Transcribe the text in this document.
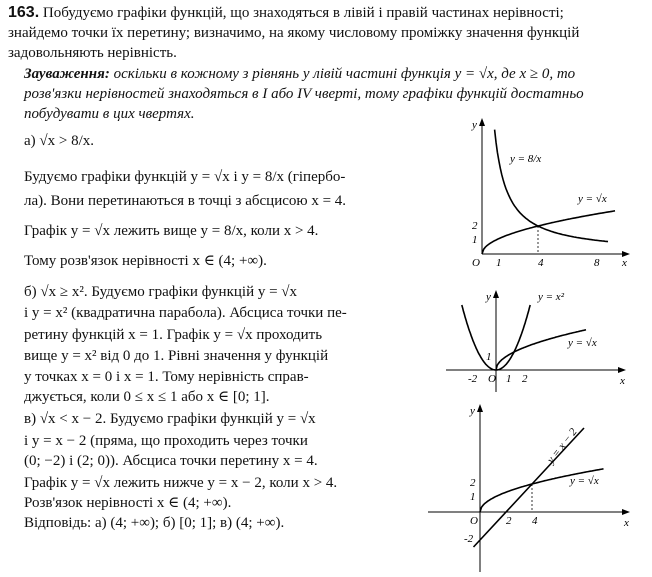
163. Побудуємо графіки функцій, що знаходяться в лівій і правій частинах нерівності; знайдемо точки їх перетину; визначимо, на якому числовому проміжку значення функцій задовольняють нерівність.
Зауваження: оскільки в кожному з рівнянь у лівій частині функція y = √x, де x ≥ 0, то розв'язки нерівностей знаходяться в I або IV чверті, тому графіки функцій достатньо побудувати в цих чвертях.
а) √x > 8/x.
Будуємо графіки функцій y = √x і y = 8/x (гіпербо-
ла). Вони перетинаються в точці з абсцисою x = 4.
Графік y = √x лежить вище y = 8/x, коли x > 4.
Тому розв'язок нерівності x ∈ (4; +∞).
б) √x ≥ x². Будуємо графіки функцій y = √x
і y = x² (квадратична парабола). Абсциса точки пе-
ретину функцій x = 1. Графік y = √x проходить
вище y = x² від 0 до 1. Рівні значення y функцій
у точках x = 0 і x = 1. Тому нерівність справ-
джується, коли 0 ≤ x ≤ 1 або x ∈ [0; 1].
в) √x < x − 2. Будуємо графіки функцій y = √x
і y = x − 2 (пряма, що проходить через точки
(0; −2) і (2; 0)). Абсциса точки перетину x = 4.
Графік y = √x лежить нижче y = x − 2, коли x > 4.
Розв'язок нерівності x ∈ (4; +∞).
Відповідь: а) (4; +∞); б) [0; 1]; в) (4; +∞).
x
y
O 1	4	8
1
2
y = 8/x
y = √x
x
y
O
-2	1 2
1
y = x²
y = √x
x
y
O	2 4
1
2
-2
y = x − 2
y = √x
